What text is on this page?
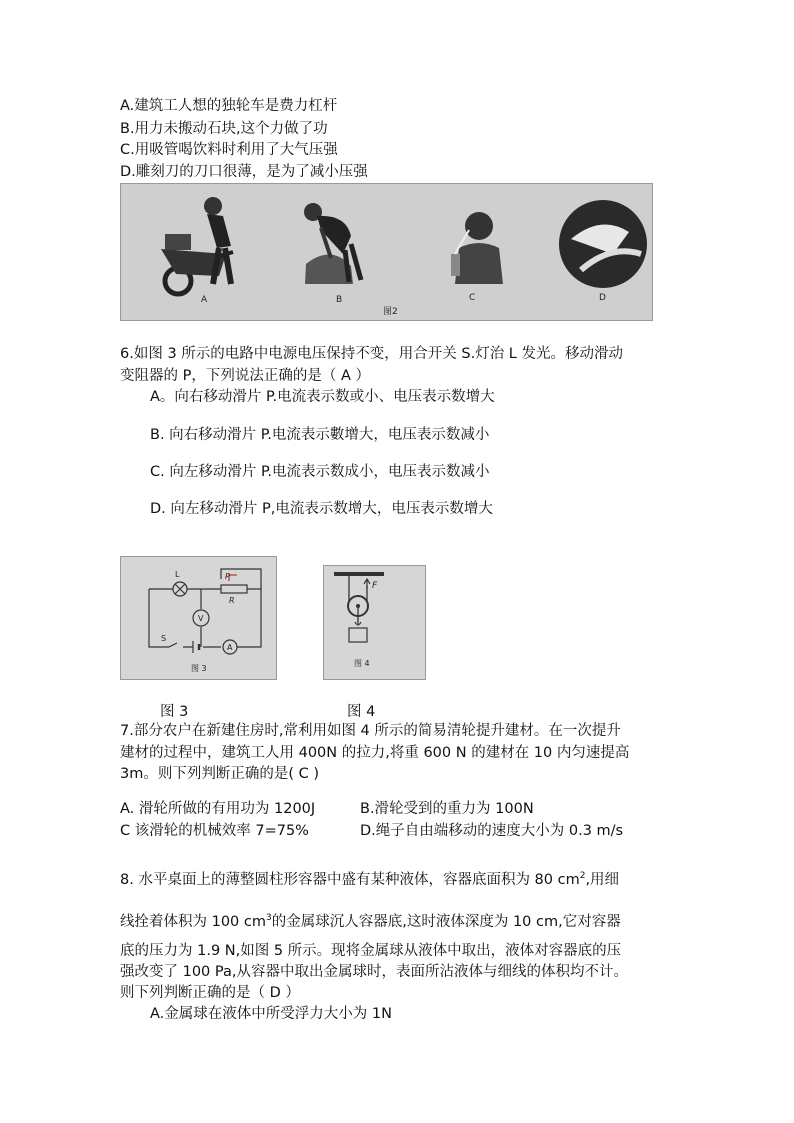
A.建筑工人想的独轮车是费力杠杆
B.用力未搬动石块,这个力做了功
C.用吸管喝饮料时利用了大气压强
D.雕刻刀的刀口很薄，是为了减小压强
A	B	C	D
图2
6.如图 3 所示的电路中电源电压保持不变，用合开关 S.灯治 L 发光。移动滑动
变阻器的 P，下列说法正确的是（ A ）
A。向右移动滑片 P.电流表示数或小、电压表示数增大
B. 向右移动滑片 P.电流表示數增大，电压表示数减小
C. 向左移动滑片 P.电流表示数成小，电压表示数减小
D. 向左移动滑片 P,电流表示数增大，电压表示数增大
L	P
R
V
A
S
图 3
F
图 4
图 3	图 4
7.部分农户在新建住房时,常利用如图 4 所示的简易清轮提升建材。在一次提升
建材的过程中，建筑工人用 400N 的拉力,将重 600 N 的建材在 10 内匀速提高
3m。则下列判断正确的是( C )
A. 滑轮所做的有用功为 1200J	B.滑轮受到的重力为 100N
C 该滑轮的机械效率 7=75%	D.绳子自由端移动的速度大小为 0.3 m/s
8. 水平桌面上的薄整圆柱形容器中盛有某种液体，容器底面积为 80 $cm^2$,用细
线拴着体积为 100 $cm^3$的金属球沉人容器底,这时液体深度为 10 cm,它对容器
底的压力为 1.9 N,如图 5 所示。现将金属球从液体中取出，液体对容器底的压
强改变了 100 Pa,从容器中取出金属球时，表面所沾液体与细线的体积均不计。
则下列判断正确的是（ D ）
A.金属球在液体中所受浮力大小为 1N
